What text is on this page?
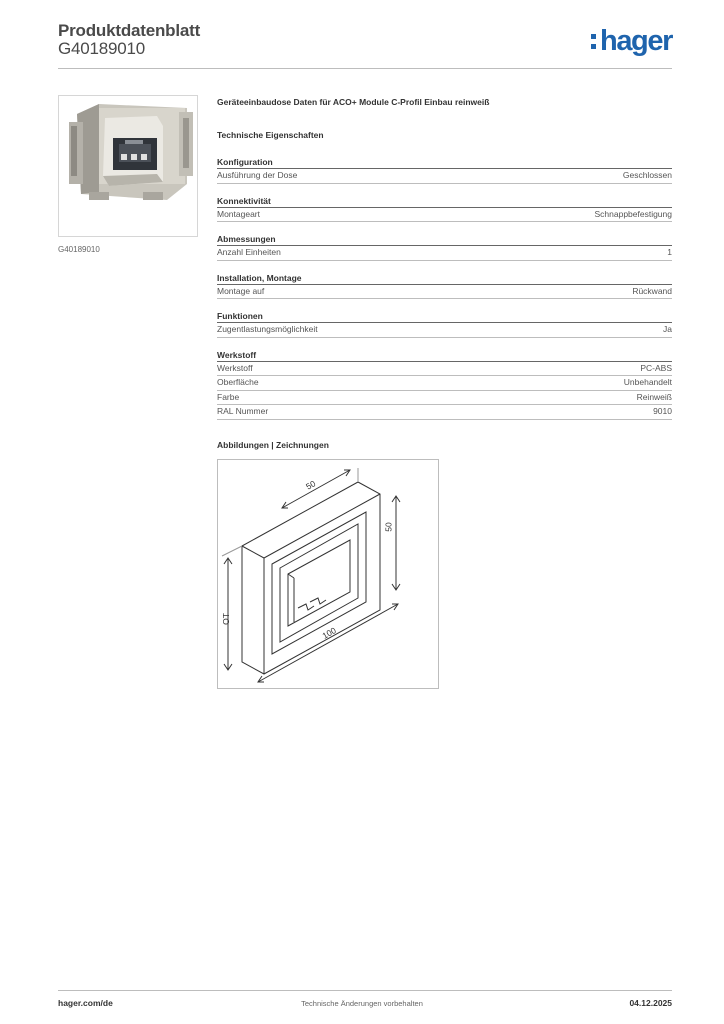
Produktdatenblatt
G40189010	hager
G40189010
Geräteeinbaudose Daten für ACO+ Module C-Profil Einbau reinweiß
Technische Eigenschaften
Konfiguration
Ausführung der Dose	Geschlossen
Konnektivität
Montageart	Schnappbefestigung
Abmessungen
Anzahl Einheiten	1
Installation, Montage
Montage auf	Rückwand
Funktionen
Zugentlastungsmöglichkeit	Ja
Werkstoff
Werkstoff	PC-ABS
Oberfläche	Unbehandelt
Farbe	Reinweiß
RAL Nummer	9010
Abbildungen | Zeichnungen
50
50
100
OT
hager.com/de	Technische Änderungen vorbehalten	04.12.2025
